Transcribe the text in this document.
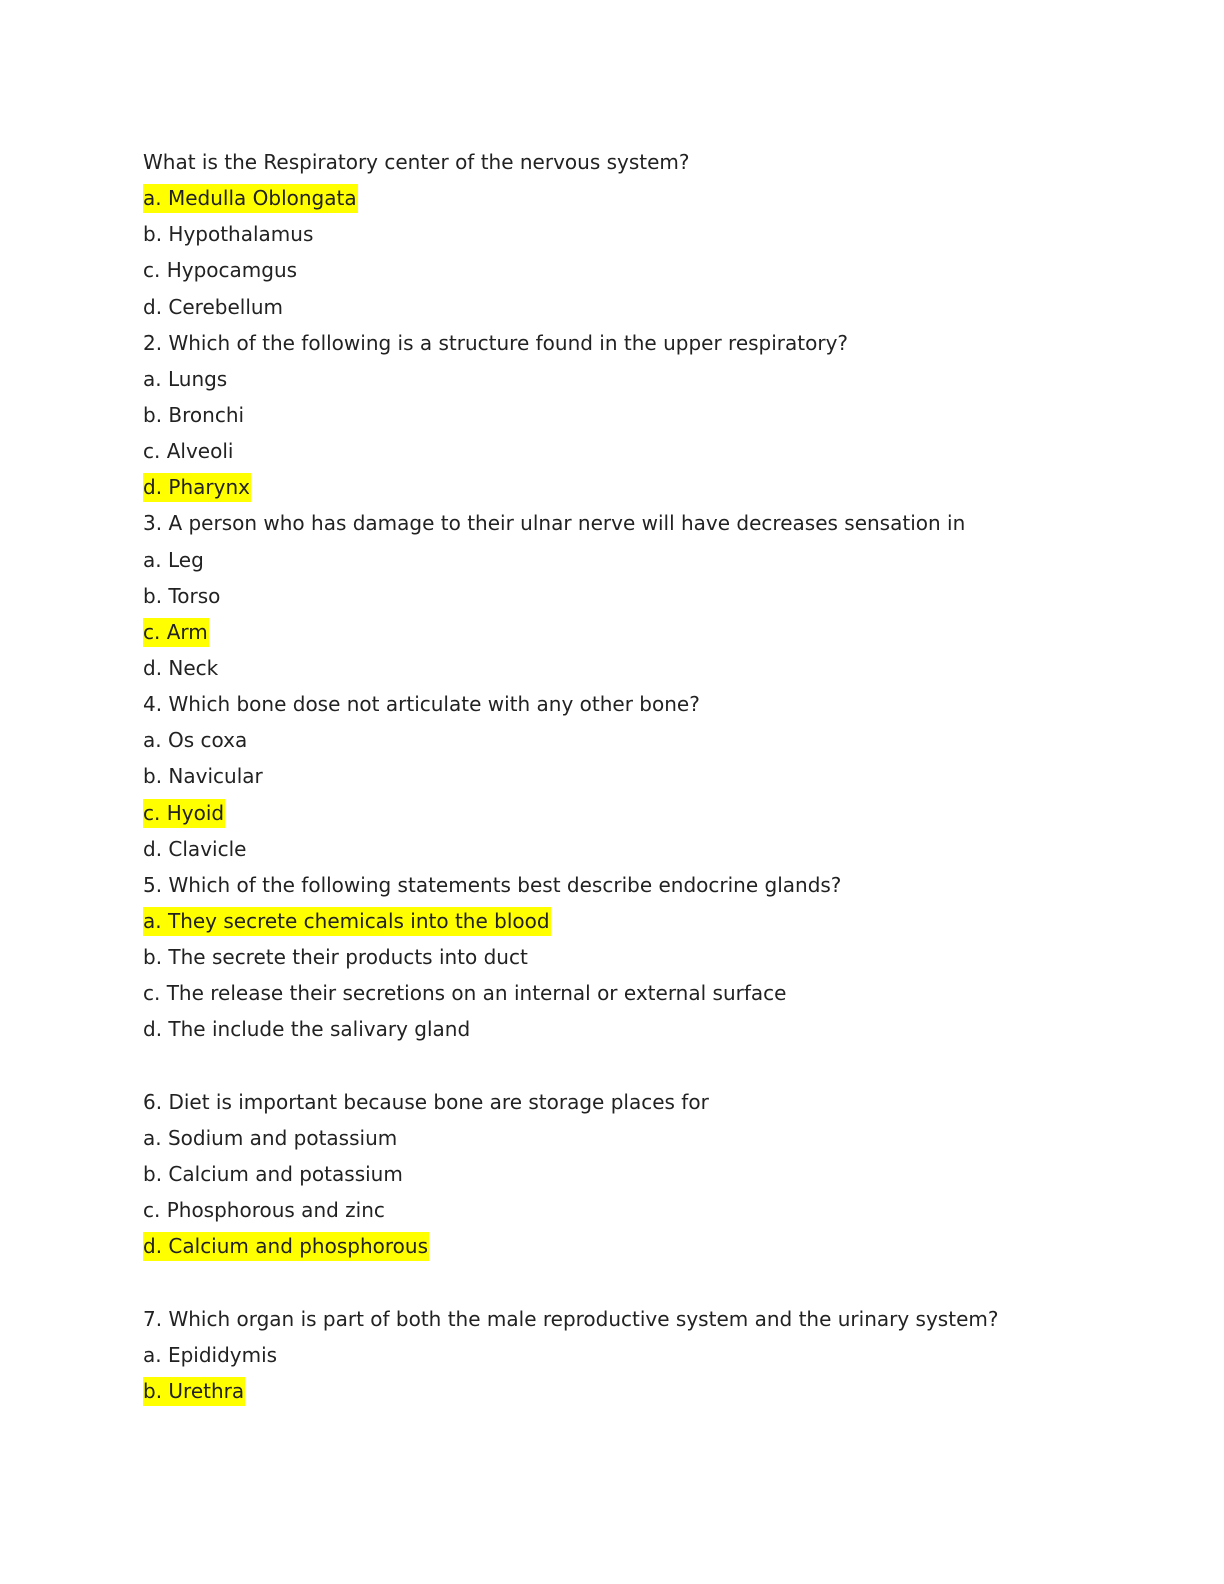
What is the Respiratory center of the nervous system?
a. Medulla Oblongata
b. Hypothalamus
c. Hypocamgus
d. Cerebellum
2. Which of the following is a structure found in the upper respiratory?
a. Lungs
b. Bronchi
c. Alveoli
d. Pharynx
3. A person who has damage to their ulnar nerve will have decreases sensation in
a. Leg
b. Torso
c. Arm
d. Neck
4. Which bone dose not articulate with any other bone?
a. Os coxa
b. Navicular
c. Hyoid
d. Clavicle
5. Which of the following statements best describe endocrine glands?
a. They secrete chemicals into the blood
b. The secrete their products into duct
c. The release their secretions on an internal or external surface
d. The include the salivary gland
6. Diet is important because bone are storage places for
a. Sodium and potassium
b. Calcium and potassium
c. Phosphorous and zinc
d. Calcium and phosphorous
7. Which organ is part of both the male reproductive system and the urinary system?
a. Epididymis
b. Urethra
